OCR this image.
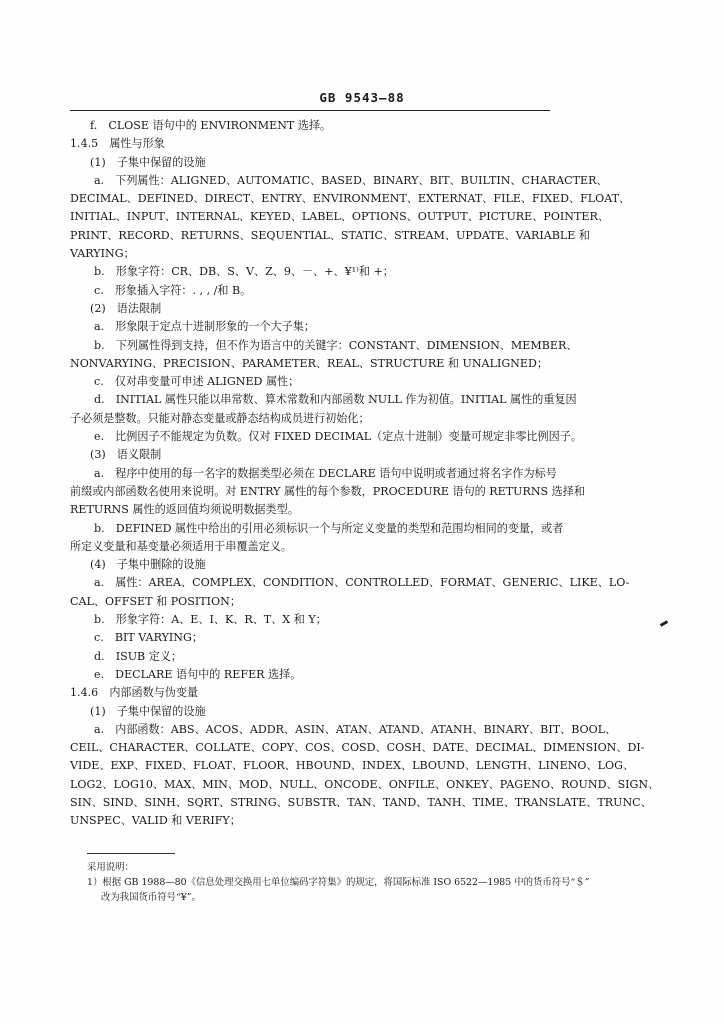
GB 9543—88
f.　CLOSE 语句中的 ENVIRONMENT 选择。
1.4.5　属性与形象
(1)　子集中保留的设施
a.　下列属性：ALIGNED、AUTOMATIC、BASED、BINARY、BIT、BUILTIN、CHARACTER、
DECIMAL、DEFINED、DIRECT、ENTRY、ENVIRONMENT、EXTERNAT、FILE、FIXED、FLOAT、
INITIAL、INPUT、INTERNAL、KEYED、LABEL、OPTIONS、OUTPUT、PICTURE、POINTER、
PRINT、RECORD、RETURNS、SEQUENTIAL、STATIC、STREAM、UPDATE、VARIABLE 和
VARYING；
b.　形象字符：CR、DB、S、V、Z、9、－、+、¥¹⁾和 +；
c.　形象插入字符：. , , /和 B。
(2)　语法限制
a.　形象限于定点十进制形象的一个大子集；
b.　下列属性得到支持，但不作为语言中的关键字：CONSTANT、DIMENSION、MEMBER、
NONVARYING、PRECISION、PARAMETER、REAL、STRUCTURE 和 UNALIGNED；
c.　仅对串变量可申述 ALIGNED 属性；
d.　INITIAL 属性只能以串常数、算术常数和内部函数 NULL 作为初值。INITIAL 属性的重复因
子必须是整数。只能对静态变量或静态结构成员进行初始化；
e.　比例因子不能规定为负数。仅对 FIXED DECIMAL（定点十进制）变量可规定非零比例因子。
(3)　语义限制
a.　程序中使用的每一名字的数据类型必须在 DECLARE 语句中说明或者通过将名字作为标号
前缀或内部函数名使用来说明。对 ENTRY 属性的每个参数，PROCEDURE 语句的 RETURNS 选择和
RETURNS 属性的返回值均须说明数据类型。
b.　DEFINED 属性中给出的引用必须标识一个与所定义变量的类型和范围均相同的变量，或者
所定义变量和基变量必须适用于串覆盖定义。
(4)　子集中删除的设施
a.　属性：AREA、COMPLEX、CONDITION、CONTROLLED、FORMAT、GENERIC、LIKE、LO-
CAL、OFFSET 和 POSITION；
b.　形象字符：A、E、I、K、R、T、X 和 Y；
c.　BIT VARYING；
d.　ISUB 定义；
e.　DECLARE 语句中的 REFER 选择。
1.4.6　内部函数与伪变量
(1)　子集中保留的设施
a.　内部函数：ABS、ACOS、ADDR、ASIN、ATAN、ATAND、ATANH、BINARY、BIT、BOOL、
CEIL、CHARACTER、COLLATE、COPY、COS、COSD、COSH、DATE、DECIMAL、DIMENSION、DI-
VIDE、EXP、FIXED、FLOAT、FLOOR、HBOUND、INDEX、LBOUND、LENGTH、LINENO、LOG、
LOG2、LOG10、MAX、MIN、MOD、NULL、ONCODE、ONFILE、ONKEY、PAGENO、ROUND、SIGN、
SIN、SIND、SINH、SQRT、STRING、SUBSTR、TAN、TAND、TANH、TIME、TRANSLATE、TRUNC、
UNSPEC、VALID 和 VERIFY；
采用说明：
1）根据 GB 1988—80《信息处理交换用七单位编码字符集》的规定，将国际标准 ISO 6522—1985 中的货币符号“＄”
改为我国货币符号“¥”。
